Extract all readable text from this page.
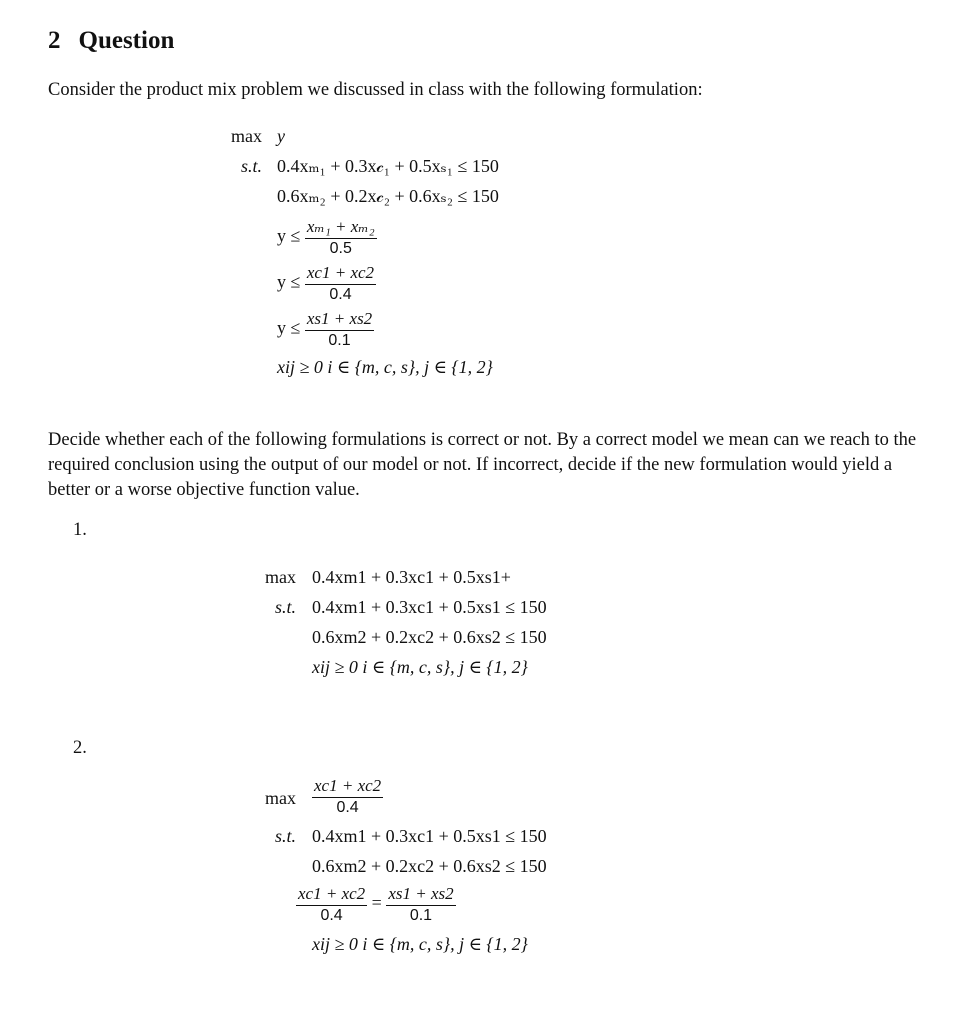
2 Question
Consider the product mix problem we discussed in class with the following formulation:
max y
s.t. 0.4xₘ₁ + 0.3x𝒸₁ + 0.5xₛ₁ ≤ 150
0.6xₘ₂ + 0.2x𝒸₂ + 0.6xₛ₂ ≤ 150
$y \le \frac{\text{xₘ₁ + xₘ₂}}{0.5}$
$y \le \frac{xc1 + xc2}{0.4}$
$y \le \frac{xs1 + xs2}{0.1}$
xij ≥ 0 i ∈ {m, c, s}, j ∈ {1, 2}
Decide whether each of the following formulations is correct or not. By a correct model we mean can we reach to the required conclusion using the output of our model or not. If incorrect, decide if the new formulation would yield a better or a worse objective function value.
1.
max 0.4xm1 + 0.3xc1 + 0.5xs1+
s.t. 0.4xm1 + 0.3xc1 + 0.5xs1 ≤ 150
0.6xm2 + 0.2xc2 + 0.6xs2 ≤ 150
xij ≥ 0 i ∈ {m, c, s}, j ∈ {1, 2}
2.
$\max \frac{xc1 + xc2}{0.4}$
s.t. 0.4xm1 + 0.3xc1 + 0.5xs1 ≤ 150
0.6xm2 + 0.2xc2 + 0.6xs2 ≤ 150
$\frac{xc1 + xc2}{0.4} = \frac{xs1 + xs2}{0.1}$
xij ≥ 0 i ∈ {m, c, s}, j ∈ {1, 2}
